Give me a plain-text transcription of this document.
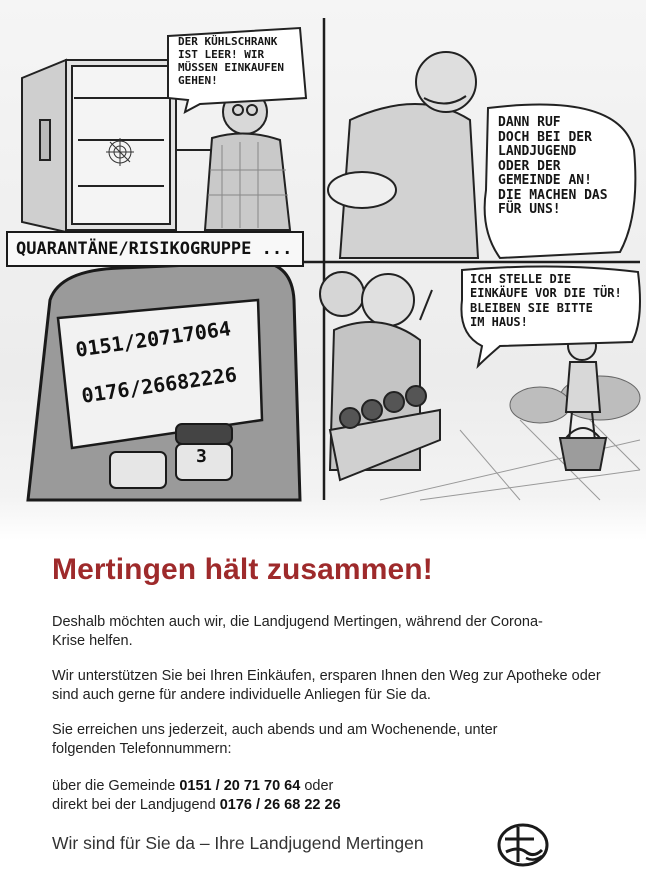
DER KÜHLSCHRANK
IST LEER! WIR
MÜSSEN EINKAUFEN
GEHEN!

DANN RUF
DOCH BEI DER
LANDJUGEND
ODER DER
GEMEINDE AN!
DIE MACHEN DAS
FÜR UNS!

QUARANTÄNE/RISIKOGRUPPE ...

0151/20717064

0176/26682226

3

ICH STELLE DIE
EINKÄUFE VOR DIE TÜR!
BLEIBEN SIE BITTE
IM HAUS!

Mertingen hält zusammen!

Deshalb möchten auch wir, die Landjugend Mertingen, während der Corona-Krise helfen.

Wir unterstützen Sie bei Ihren Einkäufen, ersparen Ihnen den Weg zur Apotheke oder sind auch gerne für andere individuelle Anliegen für Sie da.

Sie erreichen uns jederzeit, auch abends und am Wochenende, unter folgenden Telefonnummern:

über die Gemeinde 0151 / 20 71 70 64 oder

direkt bei der Landjugend 0176 / 26 68 22 26

Wir sind für Sie da – Ihre Landjugend Mertingen
